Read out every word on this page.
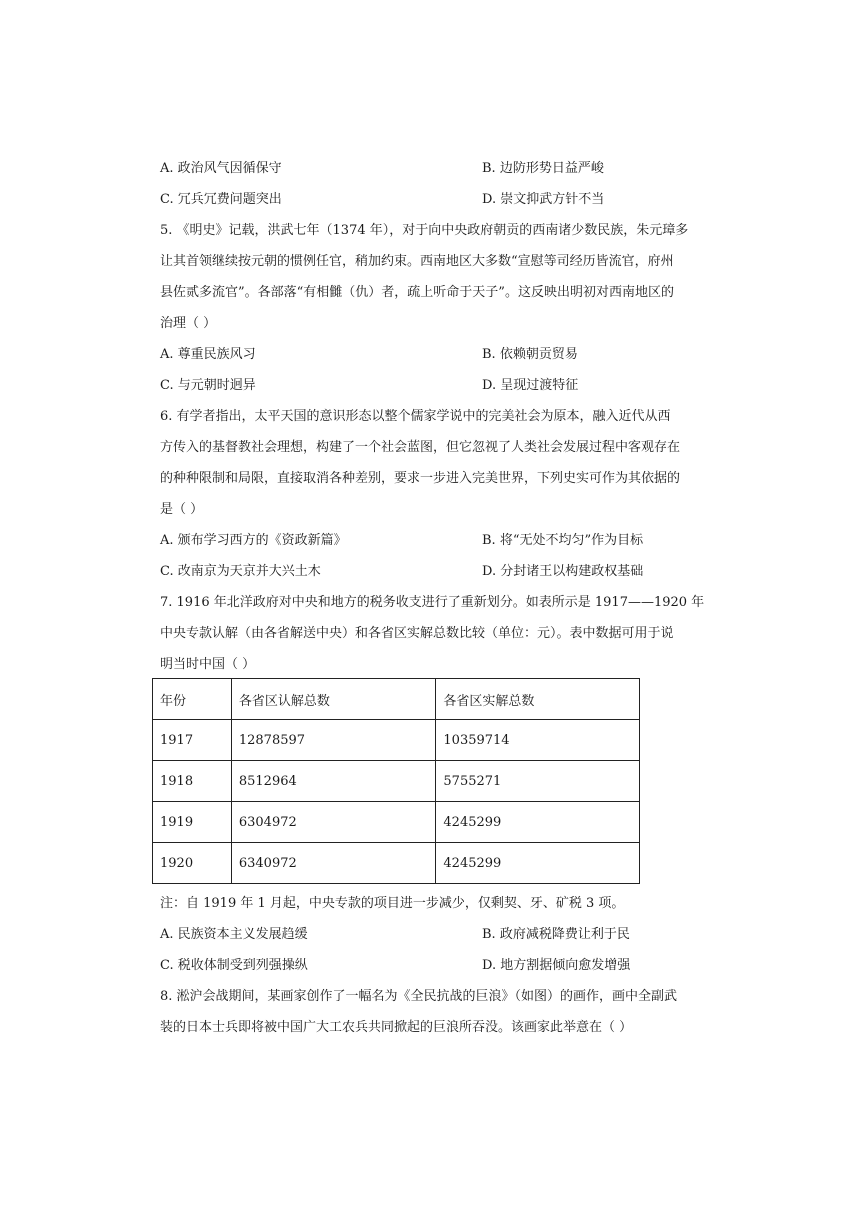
A. 政治风气因循保守	B. 边防形势日益严峻
C. 冗兵冗费问题突出	D. 崇文抑武方针不当
5. 《明史》记载，洪武七年（1374 年），对于向中央政府朝贡的西南诸少数民族，朱元璋多
让其首领继续按元朝的惯例任官，稍加约束。西南地区大多数“宣慰等司经历皆流官，府州
县佐贰多流官”。各部落“有相雠（仇）者，疏上听命于天子”。这反映出明初对西南地区的
治理（ ）
A. 尊重民族风习	B. 依赖朝贡贸易
C. 与元朝时迥异	D. 呈现过渡特征
6. 有学者指出，太平天国的意识形态以整个儒家学说中的完美社会为原本，融入近代从西
方传入的基督教社会理想，构建了一个社会蓝图，但它忽视了人类社会发展过程中客观存在
的种种限制和局限，直接取消各种差别，要求一步进入完美世界，下列史实可作为其依据的
是（ ）
A. 颁布学习西方的《资政新篇》	B. 将“无处不均匀”作为目标
C. 改南京为天京并大兴土木	D. 分封诸王以构建政权基础
7. 1916 年北洋政府对中央和地方的税务收支进行了重新划分。如表所示是 1917——1920 年
中央专款认解（由各省解送中央）和各省区实解总数比较（单位：元）。表中数据可用于说
明当时中国（ ）
年份	各省区认解总数	各省区实解总数
1917	12878597	10359714
1918	8512964	5755271
1919	6304972	4245299
1920	6340972	4245299
注：自 1919 年 1 月起，中央专款的项目进一步减少，仅剩契、牙、矿税 3 项。
A. 民族资本主义发展趋缓	B. 政府减税降费让利于民
C. 税收体制受到列强操纵	D. 地方割据倾向愈发增强
8. 淞沪会战期间，某画家创作了一幅名为《全民抗战的巨浪》（如图）的画作，画中全副武
装的日本士兵即将被中国广大工农兵共同掀起的巨浪所吞没。该画家此举意在（ ）
